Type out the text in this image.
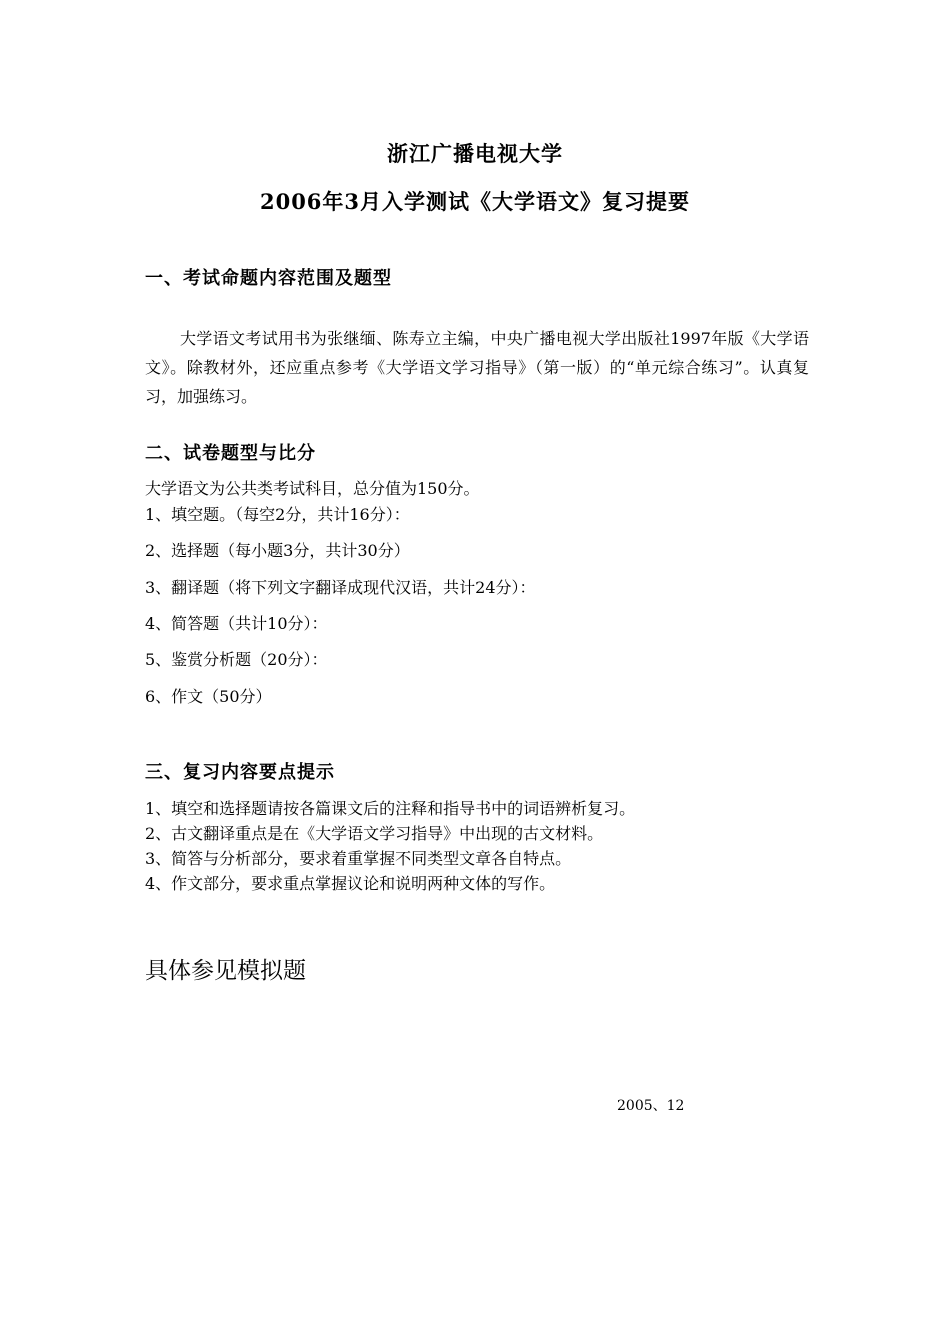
浙江广播电视大学
2006年3月入学测试《大学语文》复习提要
一、考试命题内容范围及题型
大学语文考试用书为张继缅、陈寿立主编，中央广播电视大学出版社1997年版《大学语文》。除教材外，还应重点参考《大学语文学习指导》（第一版）的“单元综合练习”。认真复习，加强练习。
二、试卷题型与比分
大学语文为公共类考试科目，总分值为150分。
1、填空题。（每空2分，共计16分）：
2、选择题（每小题3分，共计30分）
3、翻译题（将下列文字翻译成现代汉语，共计24分）：
4、简答题（共计10分）：
5、鉴赏分析题（20分）：
6、作文（50分）
三、复习内容要点提示
1、填空和选择题请按各篇课文后的注释和指导书中的词语辨析复习。
2、古文翻译重点是在《大学语文学习指导》中出现的古文材料。
3、简答与分析部分，要求着重掌握不同类型文章各自特点。
4、作文部分，要求重点掌握议论和说明两种文体的写作。
具体参见模拟题
2005、12
